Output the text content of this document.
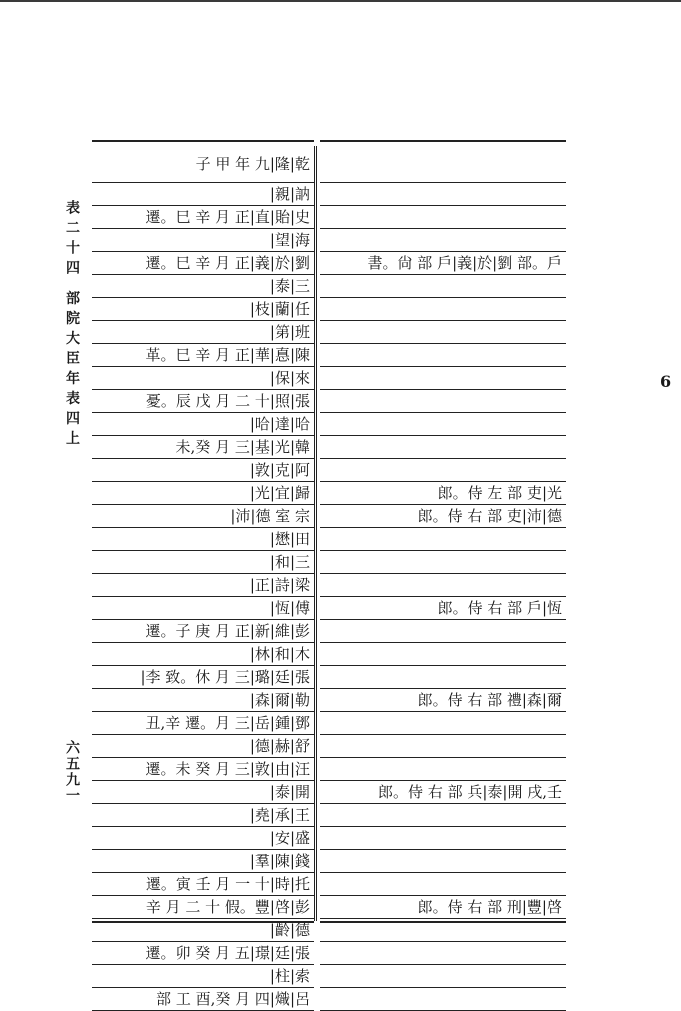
表二十四 部院大臣年表四上
六五九一
6
子 甲 年 九|隆|乾
|親|訥
遷。巳 辛 月 正|直|貽|史
|望|海
遷。巳 辛 月 正|義|於|劉
|泰|三
|枝|蘭|任
|第|班
革。巳 辛 月 正|華|惪|陳
|保|來
憂。辰 戊 月 二 十|照|張
|哈|達|哈
未,癸 月 三|基|光|韓
|敦|克|阿
|光|宜|歸
|沛|德 室 宗
|懋|田
|和|三
|正|詩|梁
|恆|傅
遷。子 庚 月 正|新|維|彭
|林|和|木
|李 致。休 月 三|璐|廷|張
|森|爾|勒
丑,辛 遷。月 三|岳|鍾|鄧
|德|赫|舒
遷。未 癸 月 三|敦|由|汪
|泰|開
|堯|承|王
|安|盛
|羣|陳|錢
遷。寅 壬 月 一 十|時|托
辛 月 二 十 假。豐|啓|彭
|齡|德
遷。卯 癸 月 五|璟|廷|張
|柱|索
部 工 酉,癸 月 四|熾|呂
書。尙 部 戶|義|於|劉 部。戶
郎。侍 左 部 吏|光
郎。侍 右 部 吏|沛|德
郎。侍 右 部 戶|恆
郎。侍 右 部 禮|森|爾
郎。侍 右 部 兵|泰|開 戌,壬
郎。侍 右 部 刑|豐|啓
